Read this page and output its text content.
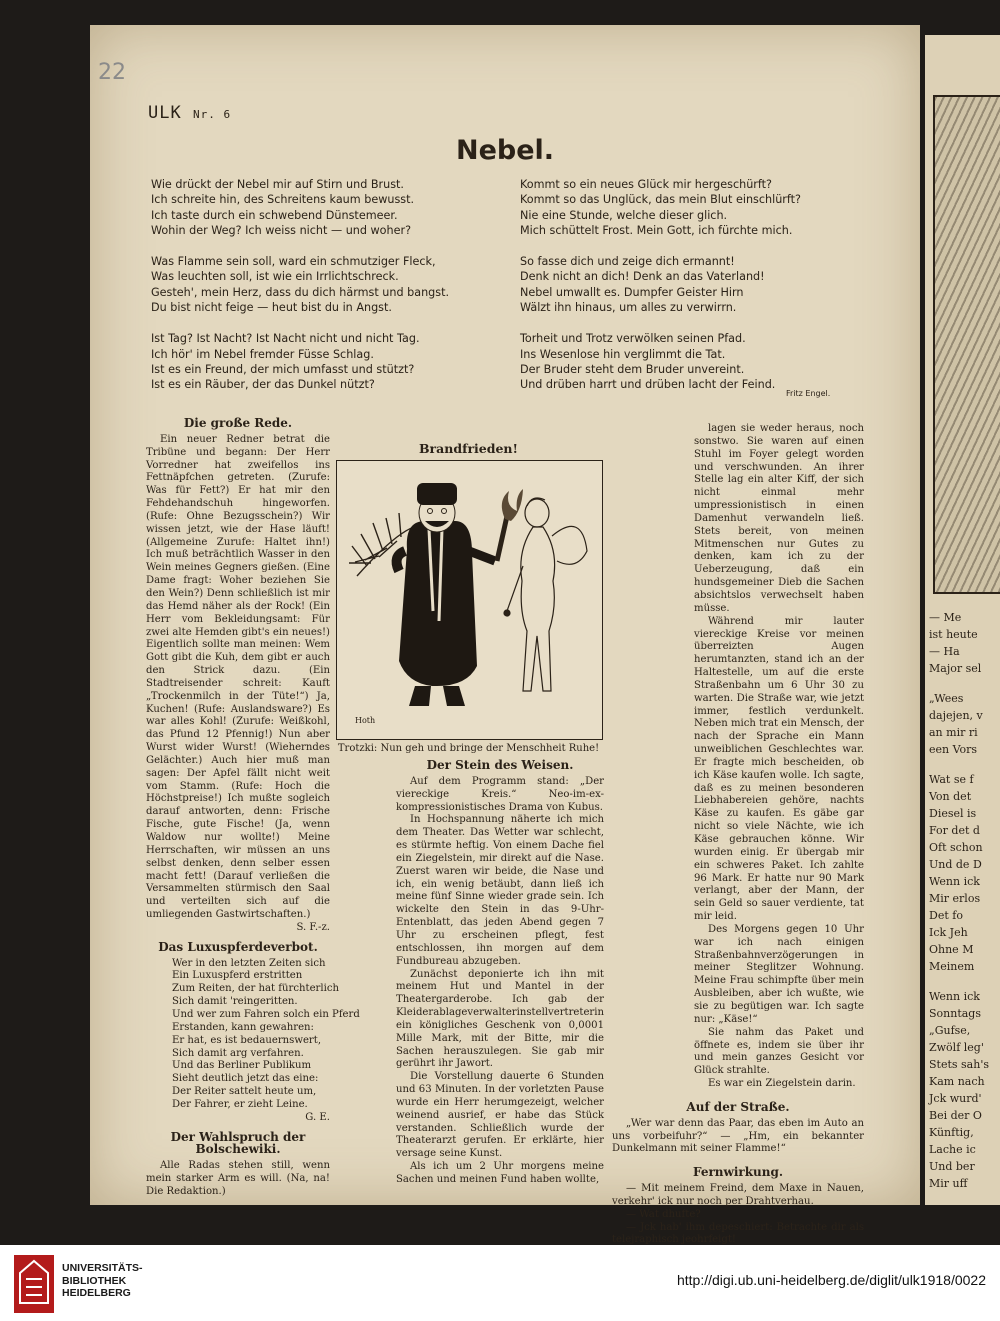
22
ULK Nr. 6
Nebel.
Wie drückt der Nebel mir auf Stirn und Brust.
Ich schreite hin, des Schreitens kaum bewusst.
Ich taste durch ein schwebend Dünstemeer.
Wohin der Weg? Ich weiss nicht — und woher?
Was Flamme sein soll, ward ein schmutziger Fleck,
Was leuchten soll, ist wie ein Irrlichtschreck.
Gesteh', mein Herz, dass du dich härmst und bangst.
Du bist nicht feige — heut bist du in Angst.
Ist Tag? Ist Nacht? Ist Nacht nicht und nicht Tag.
Ich hör' im Nebel fremder Füsse Schlag.
Ist es ein Freund, der mich umfasst und stützt?
Ist es ein Räuber, der das Dunkel nützt?
Kommt so ein neues Glück mir hergeschürft?
Kommt so das Unglück, das mein Blut einschlürft?
Nie eine Stunde, welche dieser glich.
Mich schüttelt Frost. Mein Gott, ich fürchte mich.
So fasse dich und zeige dich ermannt!
Denk nicht an dich! Denk an das Vaterland!
Nebel umwallt es. Dumpfer Geister Hirn
Wälzt ihn hinaus, um alles zu verwirrn.
Torheit und Trotz verwölken seinen Pfad.
Ins Wesenlose hin verglimmt die Tat.
Der Bruder steht dem Bruder unvereint.
Und drüben harrt und drüben lacht der Feind.
Fritz Engel.
Die große Rede.

Ein neuer Redner betrat die Tribüne und begann: Der Herr Vorredner hat zweifellos ins Fettnäpfchen getreten. (Zurufe: Was für Fett?) Er hat mir den Fehdehandschuh hingeworfen. (Rufe: Ohne Bezugsschein?) Wir wissen jetzt, wie der Hase läuft! (Allgemeine Zurufe: Haltet ihn!) Ich muß beträchtlich Wasser in den Wein meines Gegners gießen. (Eine Dame fragt: Woher beziehen Sie den Wein?) Denn schließlich ist mir das Hemd näher als der Rock! (Ein Herr vom Bekleidungsamt: Für zwei alte Hemden gibt's ein neues!) Eigentlich sollte man meinen: Wem Gott gibt die Kuh, dem gibt er auch den Strick dazu. (Ein Stadtreisender schreit: Kauft „Trockenmilch in der Tüte!“) Ja, Kuchen! (Rufe: Auslandsware?) Es war alles Kohl! (Zurufe: Weißkohl, das Pfund 12 Pfennig!) Nun aber Wurst wider Wurst! (Wieherndes Gelächter.) Auch hier muß man sagen: Der Apfel fällt nicht weit vom Stamm. (Rufe: Hoch die Höchstpreise!) Ich mußte sogleich darauf antworten, denn: Frische Fische, gute Fische! (Ja, wenn Waldow nur wollte!) Meine Herrschaften, wir müssen an uns selbst denken, denn selber essen macht fett! (Darauf verließen die Versammelten stürmisch den Saal und verteilten sich auf die umliegenden Gastwirtschaften.)

S. F.-z.
Das Luxuspferdeverbot.
Wer in den letzten Zeiten sich
Ein Luxuspferd erstritten
Zum Reiten, der hat fürchterlich
Sich damit 'reingeritten.
Und wer zum Fahren solch ein Pferd
Erstanden, kann gewahren:
Er hat, es ist bedauernswert,
Sich damit arg verfahren.
Und das Berliner Publikum
Sieht deutlich jetzt das eine:
Der Reiter sattelt heute um,
Der Fahrer, er zieht Leine.
G. E.
Der Wahlspruch der Bolschewiki.

Alle Radas stehen still, wenn mein starker Arm es will. (Na, na! Die Redaktion.)

Brandfrieden!
Hoth
Trotzki: Nun geh und bringe der Menschheit Ruhe!
Der Stein des Weisen.

Auf dem Programm stand: „Der viereckige Kreis.“ Neo-im-ex-kompressionistisches Drama von Kubus.

In Hochspannung näherte ich mich dem Theater. Das Wetter war schlecht, es stürmte heftig. Von einem Dache fiel ein Ziegelstein, mir direkt auf die Nase. Zuerst waren wir beide, die Nase und ich, ein wenig betäubt, dann ließ ich meine fünf Sinne wieder grade sein. Ich wickelte den Stein in das 9-Uhr-Entenblatt, das jeden Abend gegen 7 Uhr zu erscheinen pflegt, fest entschlossen, ihn morgen auf dem Fundbureau abzugeben.

Zunächst deponierte ich ihn mit meinem Hut und Mantel in der Theatergarderobe. Ich gab der Kleiderablageverwalterinstellvertreterin ein königliches Geschenk von 0,0001 Mille Mark, mit der Bitte, mir die Sachen herauszulegen. Sie gab mir gerührt ihr Jawort.

Die Vorstellung dauerte 6 Stunden und 63 Minuten. In der vorletzten Pause wurde ein Herr herumgezeigt, welcher weinend ausrief, er habe das Stück verstanden. Schließlich wurde der Theaterarzt gerufen. Er erklärte, hier versage seine Kunst.

Als ich um 2 Uhr morgens meine Sachen und meinen Fund haben wollte,

lagen sie weder heraus, noch sonstwo. Sie waren auf einen Stuhl im Foyer gelegt worden und verschwunden. An ihrer Stelle lag ein alter Kiff, der sich nicht einmal mehr umpressionistisch in einen Damenhut verwandeln ließ. Stets bereit, von meinen Mitmenschen nur Gutes zu denken, kam ich zu der Ueberzeugung, daß ein hundsgemeiner Dieb die Sachen absichtslos verwechselt haben müsse.

Während mir lauter viereckige Kreise vor meinen überreizten Augen herumtanzten, stand ich an der Haltestelle, um auf die erste Straßenbahn um 6 Uhr 30 zu warten. Die Straße war, wie jetzt immer, festlich verdunkelt. Neben mich trat ein Mensch, der nach der Sprache ein Mann unweiblichen Geschlechtes war. Er fragte mich bescheiden, ob ich Käse kaufen wolle. Ich sagte, daß es zu meinen besonderen Liebhabereien gehöre, nachts Käse zu kaufen. Es gäbe gar nicht so viele Nächte, wie ich Käse gebrauchen könne. Wir wurden einig. Er übergab mir ein schweres Paket. Ich zahlte 96 Mark. Er hatte nur 90 Mark verlangt, aber der Mann, der sein Geld so sauer verdiente, tat mir leid.

Des Morgens gegen 10 Uhr war ich nach einigen Straßenbahnverzögerungen in meiner Steglitzer Wohnung. Meine Frau schimpfte über mein Ausbleiben, aber ich wußte, wie sie zu begütigen war. Ich sagte nur: „Käse!“

Sie nahm das Paket und öffnete es, indem sie über ihr und mein ganzes Gesicht vor Glück strahlte.

Es war ein Ziegelstein darin.

Auf der Straße.

„Wer war denn das Paar, das eben im Auto an uns vorbeifuhr?“ — „Hm, ein bekannter Dunkelmann mit seiner Flamme!“

Fernwirkung.

— Mit meinem Freind, dem Maxe in Nauen, verkehr' ick nur noch per Drahtverhau.

— Wat dhufte?

— Jck hab' ihm depeschiert: Betrachte dir als telejraphisch jeohrfeigt!

— Me
ist heute
— Ha
Major sel
„Wees
dajejen, v
an mir ri
een Vors
Wat se f
Von det
Diesel is
For det d
Oft schon
Und de D
Wenn ick
Mir erlos
Det fo
Ick Jeh
Ohne M
Meinem
Wenn ick
Sonntags
„Gufse,
Zwölf leg'
Stets sah's
Kam nach
Jck wurd'
Bei der O
Künftig,
Lache ic
Und ber
Mir uff
UNIVERSITÄTS-
BIBLIOTHEK
HEIDELBERG
http://digi.ub.uni-heidelberg.de/diglit/ulk1918/0022
